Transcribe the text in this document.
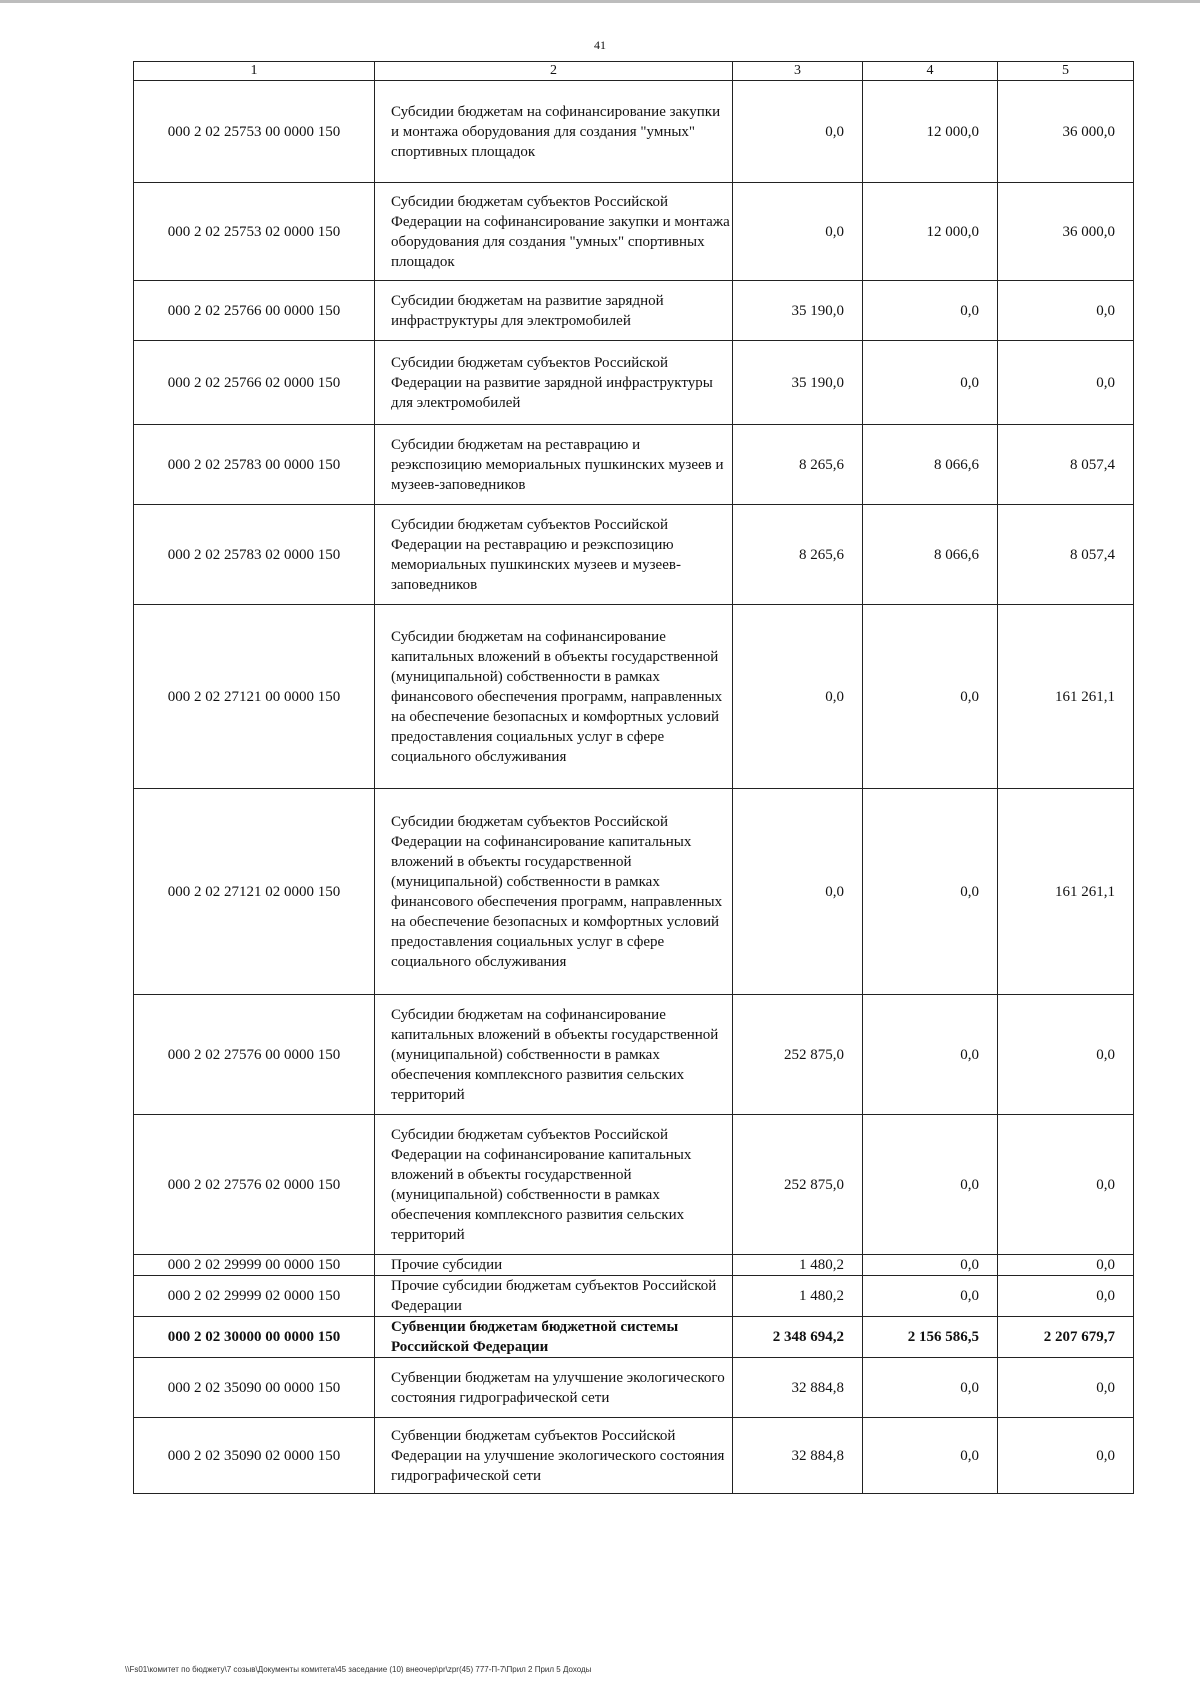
41
1	2	3	4	5
000 2 02 25753 00 0000 150	Субсидии бюджетам на софинансирование закупки и монтажа оборудования для создания "умных" спортивных площадок	0,0	12 000,0	36 000,0
000 2 02 25753 02 0000 150	Субсидии бюджетам субъектов Российской Федерации на софинансирование закупки и монтажа оборудования для создания "умных" спортивных площадок	0,0	12 000,0	36 000,0
000 2 02 25766 00 0000 150	Субсидии бюджетам на развитие зарядной инфраструктуры для электромобилей	35 190,0	0,0	0,0
000 2 02 25766 02 0000 150	Субсидии бюджетам субъектов Российской Федерации на развитие зарядной инфраструктуры для электромобилей	35 190,0	0,0	0,0
000 2 02 25783 00 0000 150	Субсидии бюджетам на реставрацию и реэкспозицию мемориальных пушкинских музеев и музеев-заповедников	8 265,6	8 066,6	8 057,4
000 2 02 25783 02 0000 150	Субсидии бюджетам субъектов Российской Федерации на реставрацию и реэкспозицию мемориальных пушкинских музеев и музеев-заповедников	8 265,6	8 066,6	8 057,4
000 2 02 27121 00 0000 150	Субсидии бюджетам на софинансирование капитальных вложений в объекты государственной (муниципальной) собственности в рамках финансового обеспечения программ, направленных на обеспечение безопасных и комфортных условий предоставления социальных услуг в сфере социального обслуживания	0,0	0,0	161 261,1
000 2 02 27121 02 0000 150	Субсидии бюджетам субъектов Российской Федерации на софинансирование капитальных вложений в объекты государственной (муниципальной) собственности в рамках финансового обеспечения программ, направленных на обеспечение безопасных и комфортных условий предоставления социальных услуг в сфере социального обслуживания	0,0	0,0	161 261,1
000 2 02 27576 00 0000 150	Субсидии бюджетам на софинансирование капитальных вложений в объекты государственной (муниципальной) собственности в рамках обеспечения комплексного развития сельских территорий	252 875,0	0,0	0,0
000 2 02 27576 02 0000 150	Субсидии бюджетам субъектов Российской Федерации на софинансирование капитальных вложений в объекты государственной (муниципальной) собственности в рамках обеспечения комплексного развития сельских территорий	252 875,0	0,0	0,0
000 2 02 29999 00 0000 150	Прочие субсидии	1 480,2	0,0	0,0
000 2 02 29999 02 0000 150	Прочие субсидии бюджетам субъектов Российской Федерации	1 480,2	0,0	0,0
000 2 02 30000 00 0000 150	Субвенции бюджетам бюджетной системы Российской Федерации	2 348 694,2	2 156 586,5	2 207 679,7
000 2 02 35090 00 0000 150	Субвенции бюджетам на улучшение экологического состояния гидрографической сети	32 884,8	0,0	0,0
000 2 02 35090 02 0000 150	Субвенции бюджетам субъектов Российской Федерации на улучшение экологического состояния гидрографической сети	32 884,8	0,0	0,0
\\Fs01\комитет по бюджету\7 созыв\Документы комитета\45 заседание (10) внеочер\pr\zpr(45) 777-П-7\Прил 2 Прил 5 Доходы
